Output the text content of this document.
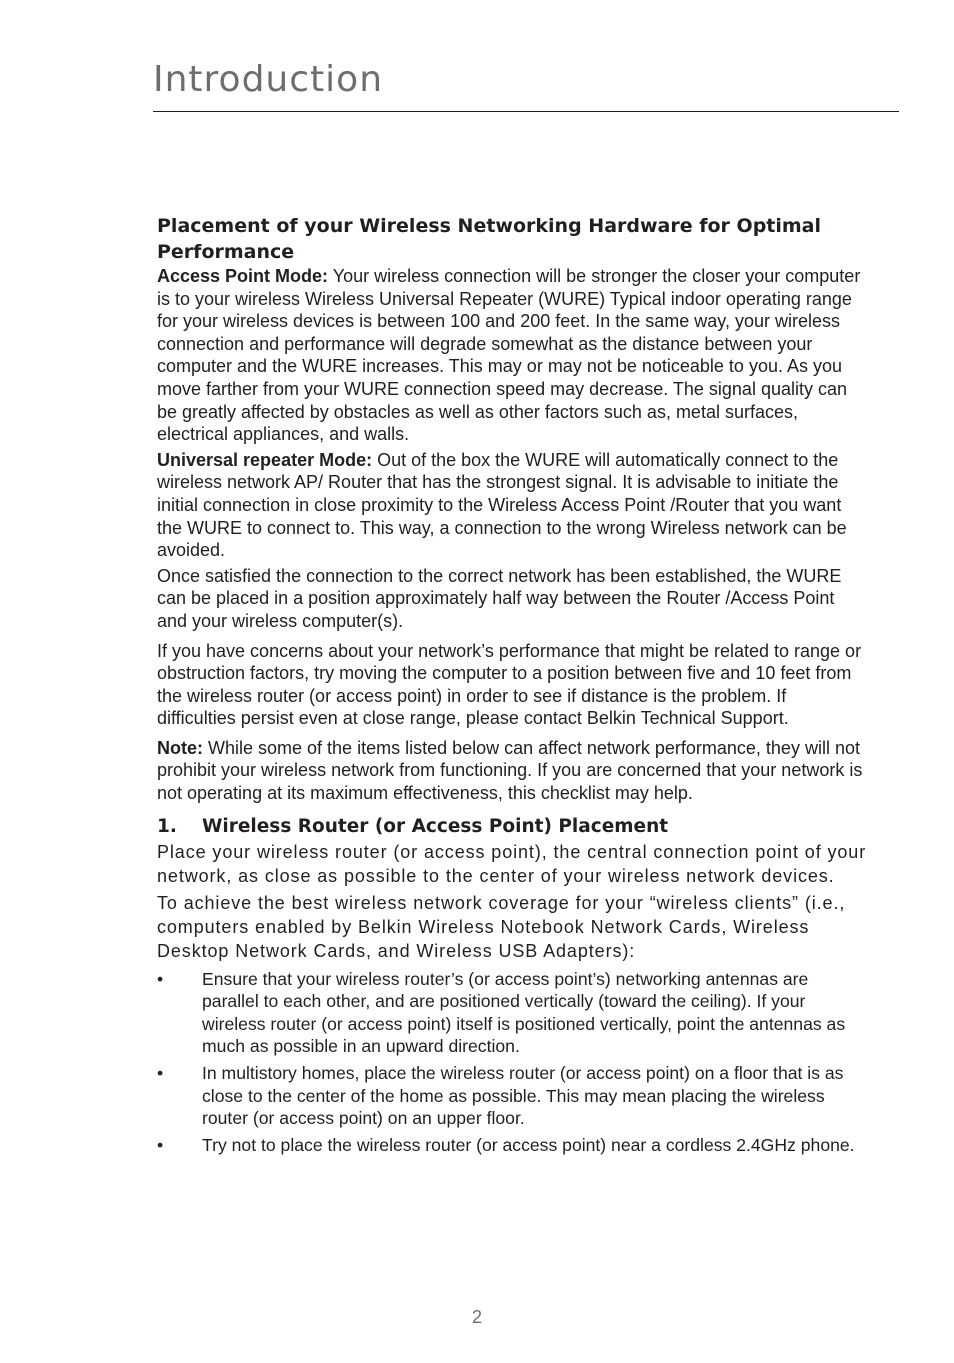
Introduction
Placement of your Wireless Networking Hardware for Optimal Performance

Access Point Mode: Your wireless connection will be stronger the closer your computer is to your wireless Wireless Universal Repeater (WURE) Typical indoor operating range for your wireless devices is between 100 and 200 feet. In the same way, your wireless connection and performance will degrade somewhat as the distance between your computer and the WURE increases. This may or may not be noticeable to you. As you move farther from your WURE connection speed may decrease. The signal quality can be greatly affected by obstacles as well as other factors such as, metal surfaces, electrical appliances, and walls.

Universal repeater Mode: Out of the box the WURE will automatically connect to the wireless network AP/ Router that has the strongest signal. It is advisable to initiate the initial connection in close proximity to the Wireless Access Point /Router that you want the WURE to connect to. This way, a connection to the wrong Wireless network can be avoided.

Once satisfied the connection to the correct network has been established, the WURE can be placed in a position approximately half way between the Router /Access Point and your wireless computer(s).

If you have concerns about your network’s performance that might be related to range or obstruction factors, try moving the computer to a position between five and 10 feet from the wireless router (or access point) in order to see if distance is the problem. If difficulties persist even at close range, please contact Belkin Technical Support.

Note: While some of the items listed below can affect network performance, they will not prohibit your wireless network from functioning. If you are concerned that your network is not operating at its maximum effectiveness, this checklist may help.

1.	Wireless Router (or Access Point) Placement

Place your wireless router (or access point), the central connection point of your network, as close as possible to the center of your wireless network devices.

To achieve the best wireless network coverage for your “wireless clients” (i.e., computers enabled by Belkin Wireless Notebook Network Cards, Wireless Desktop Network Cards, and Wireless USB Adapters):

•	Ensure that your wireless router’s (or access point’s) networking antennas are parallel to each other, and are positioned vertically (toward the ceiling). If your wireless router (or access point) itself is positioned vertically, point the antennas as much as possible in an upward direction.
•	In multistory homes, place the wireless router (or access point) on a floor that is as close to the center of the home as possible. This may mean placing the wireless router (or access point) on an upper floor.
•	Try not to place the wireless router (or access point) near a cordless 2.4GHz phone.
2
